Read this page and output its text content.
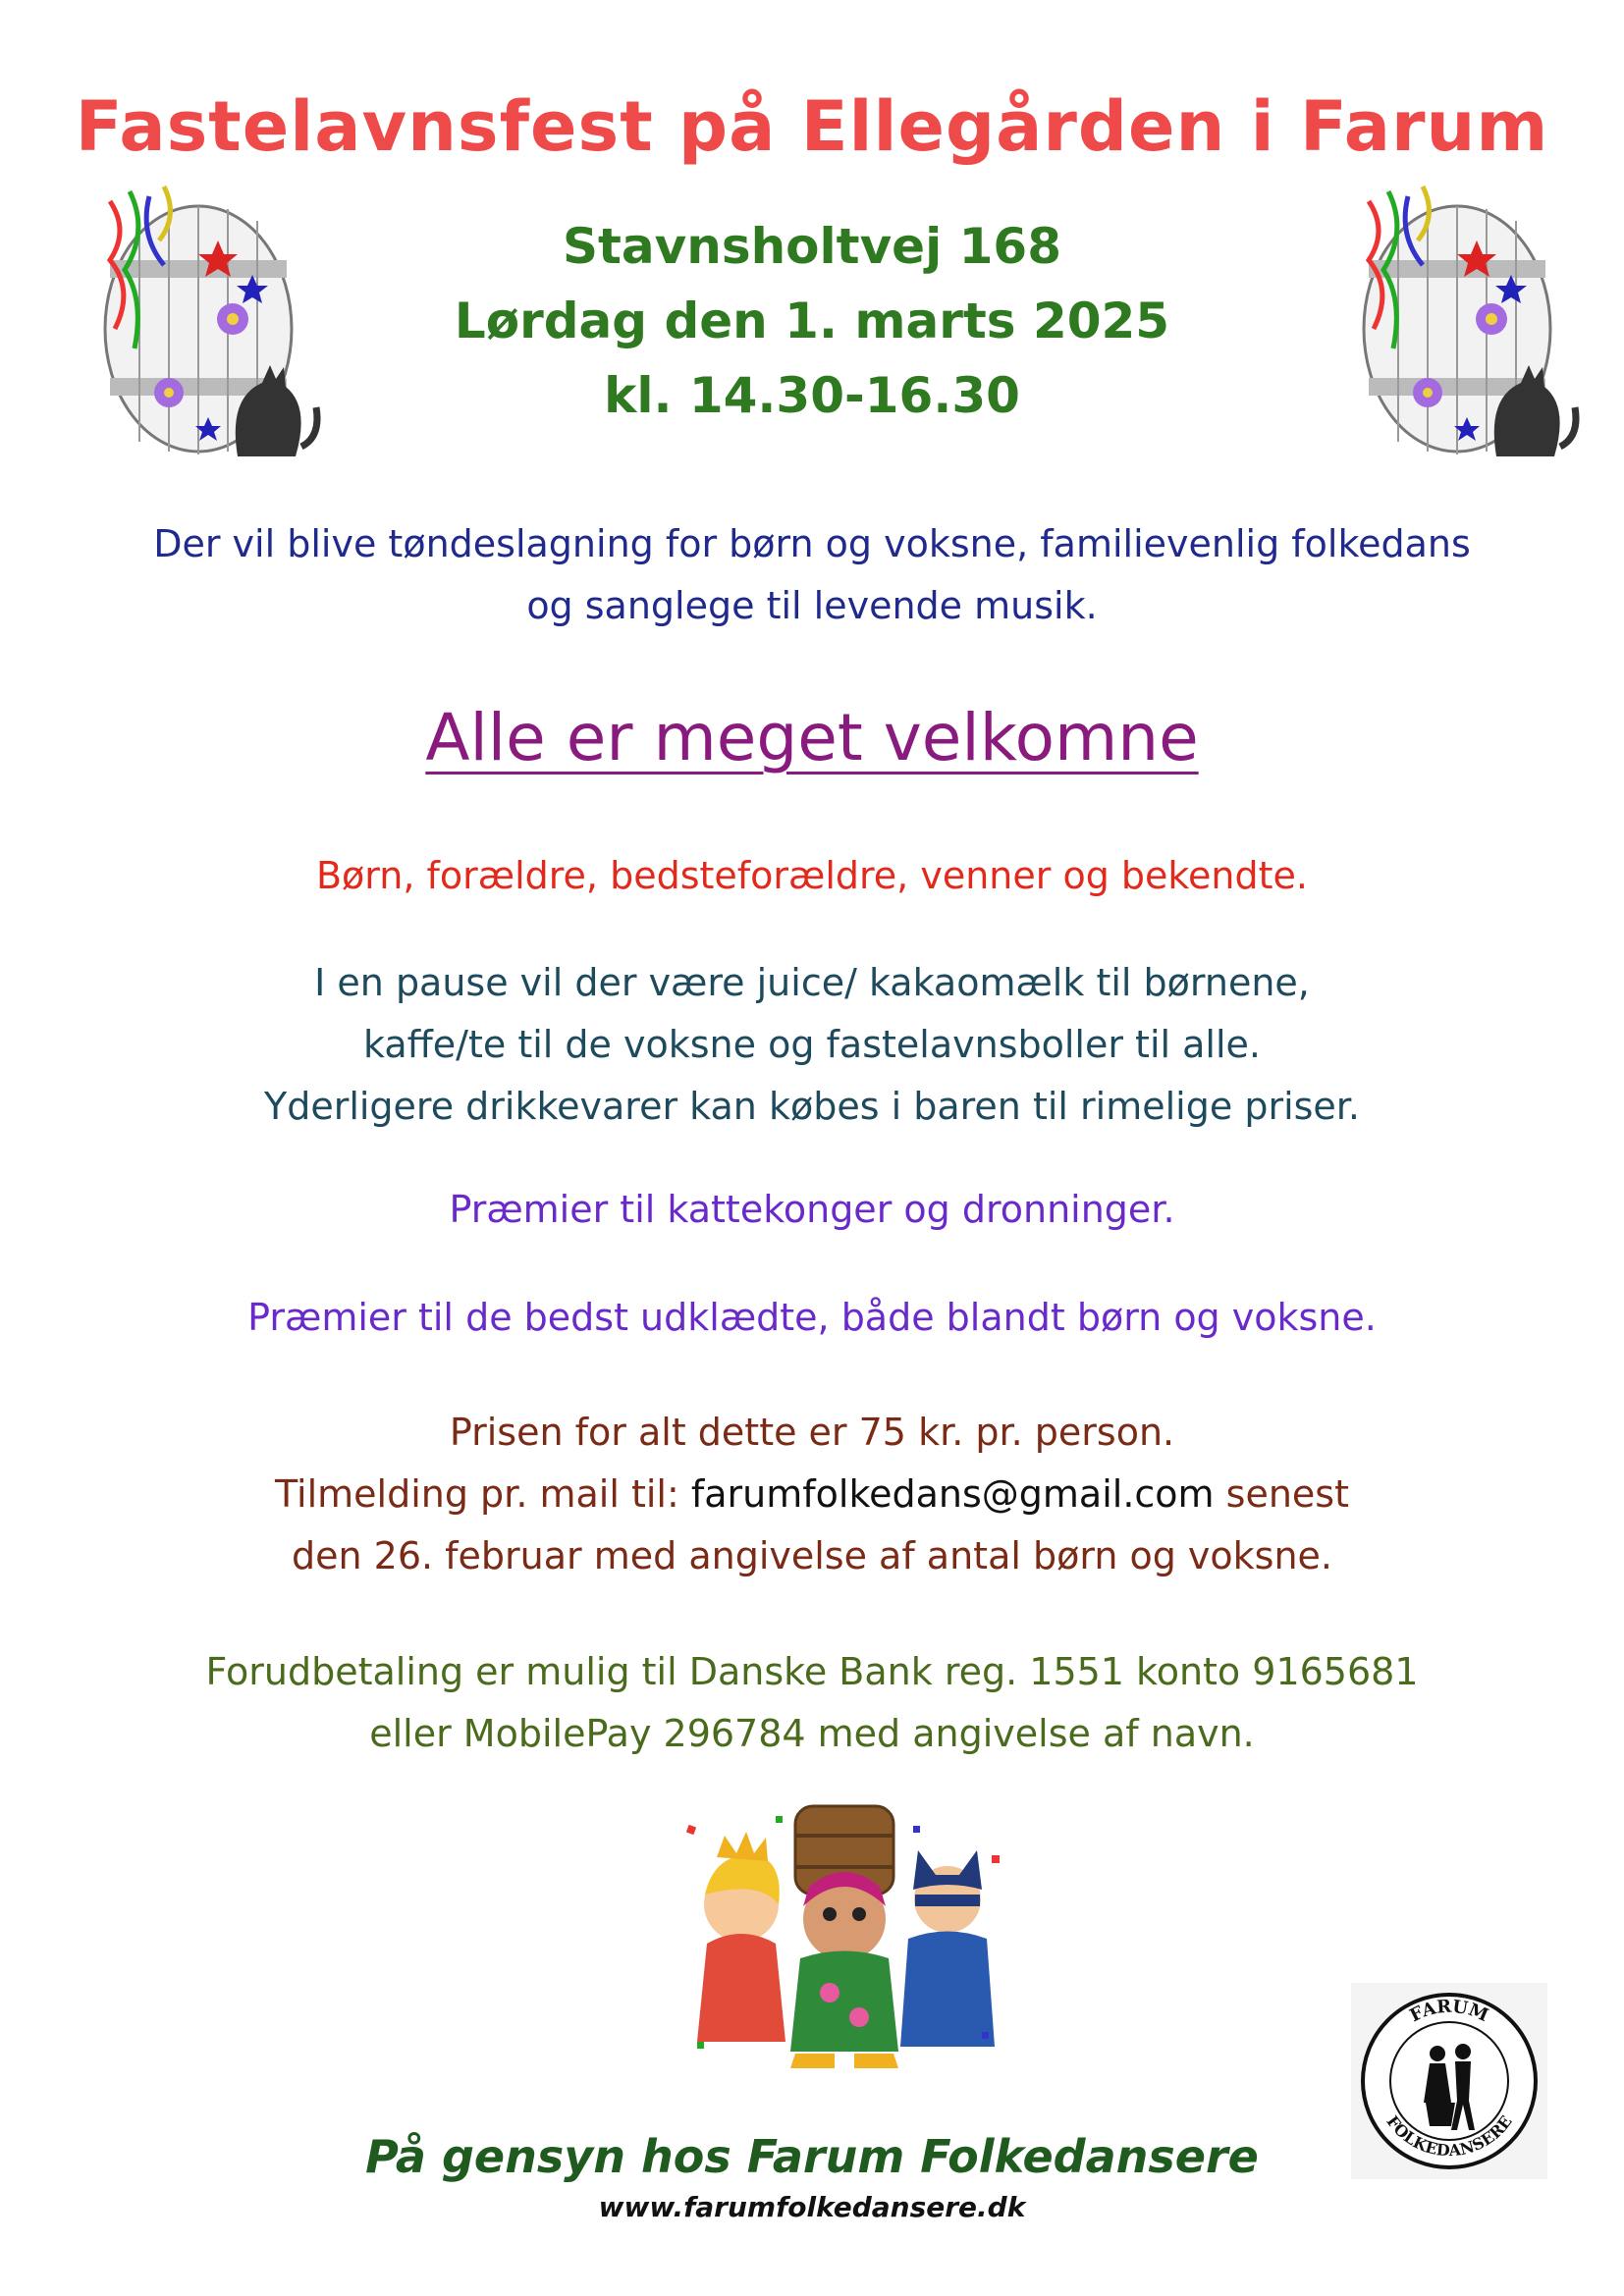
Fastelavnsfest på Ellegården i Farum
Stavnsholtvej 168
Lørdag den 1. marts 2025
kl. 14.30-16.30
Der vil blive tøndeslagning for børn og voksne, familievenlig folkedans
og sanglege til levende musik.
Alle er meget velkomne
Børn, forældre, bedsteforældre, venner og bekendte.
I en pause vil der være juice/ kakaomælk til børnene,
kaffe/te til de voksne og fastelavnsboller til alle.
Yderligere drikkevarer kan købes i baren til rimelige priser.
Præmier til kattekonger og dronninger.
Præmier til de bedst udklædte, både blandt børn og voksne.
Prisen for alt dette er 75 kr. pr. person.
Tilmelding pr. mail til: farumfolkedans@gmail.com senest
den 26. februar med angivelse af antal børn og voksne.
Forudbetaling er mulig til Danske Bank reg. 1551 konto 9165681
eller MobilePay 296784 med angivelse af navn.
FARUM
FOLKEDANSERE
På gensyn hos Farum Folkedansere
www.farumfolkedansere.dk
